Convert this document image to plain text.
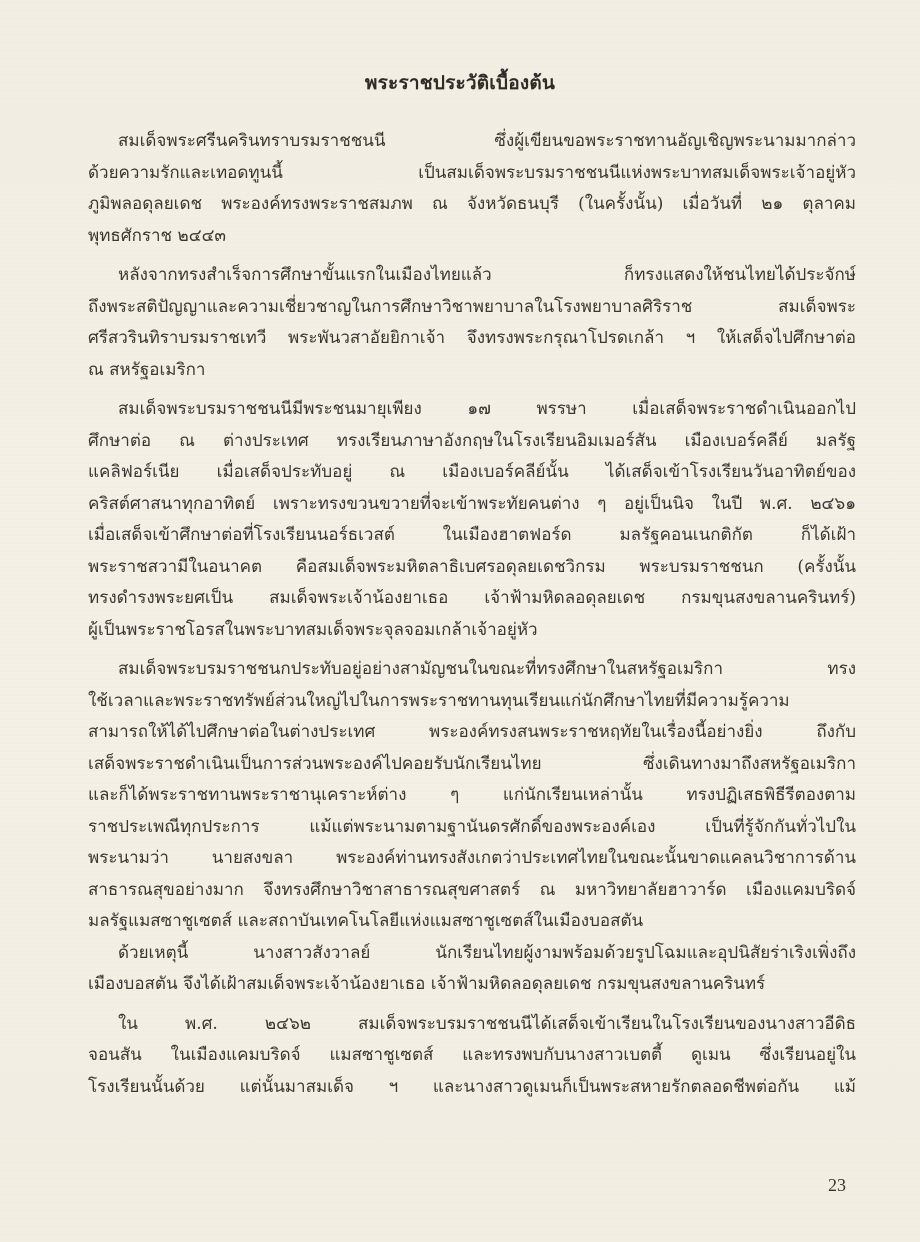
พระราชประวัติเบื้องต้น
สมเด็จพระศรีนครินทราบรมราชชนนี ซึ่งผู้เขียนขอพระราชทานอัญเชิญพระนามมากล่าว
ด้วยความรักและเทอดทูนนี้ เป็นสมเด็จพระบรมราชชนนีแห่งพระบาทสมเด็จพระเจ้าอยู่หัว
ภูมิพลอดุลยเดช พระองค์ทรงพระราชสมภพ ณ จังหวัดธนบุรี (ในครั้งนั้น) เมื่อวันที่ ๒๑ ตุลาคม
พุทธศักราช ๒๔๔๓
หลังจากทรงสำเร็จการศึกษาขั้นแรกในเมืองไทยแล้ว ก็ทรงแสดงให้ชนไทยได้ประจักษ์
ถึงพระสติปัญญาและความเชี่ยวชาญในการศึกษาวิชาพยาบาลในโรงพยาบาลศิริราช สมเด็จพระ
ศรีสวรินทิราบรมราชเทวี พระพันวสาอัยยิกาเจ้า จึงทรงพระกรุณาโปรดเกล้า ฯ ให้เสด็จไปศึกษาต่อ
ณ สหรัฐอเมริกา
สมเด็จพระบรมราชชนนีมีพระชนมายุเพียง ๑๗ พรรษา เมื่อเสด็จพระราชดำเนินออกไป
ศึกษาต่อ ณ ต่างประเทศ ทรงเรียนภาษาอังกฤษในโรงเรียนอิมเมอร์สัน เมืองเบอร์คลีย์ มลรัฐ
แคลิฟอร์เนีย เมื่อเสด็จประทับอยู่ ณ เมืองเบอร์คลีย์นั้น ได้เสด็จเข้าโรงเรียนวันอาทิตย์ของ
คริสต์ศาสนาทุกอาทิตย์ เพราะทรงขวนขวายที่จะเข้าพระทัยคนต่าง ๆ อยู่เป็นนิจ ในปี พ.ศ. ๒๔๖๑
เมื่อเสด็จเข้าศึกษาต่อที่โรงเรียนนอร์ธเวสต์ ในเมืองฮาตฟอร์ด มลรัฐคอนเนกติกัต ก็ได้เฝ้า
พระราชสวามีในอนาคต คือสมเด็จพระมหิตลาธิเบศรอดุลยเดชวิกรม พระบรมราชชนก (ครั้งนั้น
ทรงดำรงพระยศเป็น สมเด็จพระเจ้าน้องยาเธอ เจ้าฟ้ามหิดลอดุลยเดช กรมขุนสงขลานครินทร์)
ผู้เป็นพระราชโอรสในพระบาทสมเด็จพระจุลจอมเกล้าเจ้าอยู่หัว
สมเด็จพระบรมราชชนกประทับอยู่อย่างสามัญชนในขณะที่ทรงศึกษาในสหรัฐอเมริกา ทรง
ใช้เวลาและพระราชทรัพย์ส่วนใหญ่ไปในการพระราชทานทุนเรียนแก่นักศึกษาไทยที่มีความรู้ความ
สามารถให้ได้ไปศึกษาต่อในต่างประเทศ พระองค์ทรงสนพระราชหฤทัยในเรื่องนี้อย่างยิ่ง ถึงกับ
เสด็จพระราชดำเนินเป็นการส่วนพระองค์ไปคอยรับนักเรียนไทย ซึ่งเดินทางมาถึงสหรัฐอเมริกา
และก็ได้พระราชทานพระราชานุเคราะห์ต่าง ๆ แก่นักเรียนเหล่านั้น ทรงปฏิเสธพิธีรีตองตาม
ราชประเพณีทุกประการ แม้แต่พระนามตามฐานันดรศักดิ์ของพระองค์เอง เป็นที่รู้จักกันทั่วไปใน
พระนามว่า นายสงขลา พระองค์ท่านทรงสังเกตว่าประเทศไทยในขณะนั้นขาดแคลนวิชาการด้าน
สาธารณสุขอย่างมาก จึงทรงศึกษาวิชาสาธารณสุขศาสตร์ ณ มหาวิทยาลัยฮาวาร์ด เมืองแคมบริดจ์
มลรัฐแมสซาชูเซตส์ และสถาบันเทคโนโลยีแห่งแมสซาชูเซตส์ในเมืองบอสตัน
ด้วยเหตุนี้ นางสาวสังวาลย์ นักเรียนไทยผู้งามพร้อมด้วยรูปโฉมและอุปนิสัยร่าเริงเพิ่งถึง
เมืองบอสตัน จึงได้เฝ้าสมเด็จพระเจ้าน้องยาเธอ เจ้าฟ้ามหิดลอดุลยเดช กรมขุนสงขลานครินทร์
ใน พ.ศ. ๒๔๖๒ สมเด็จพระบรมราชชนนีได้เสด็จเข้าเรียนในโรงเรียนของนางสาวอีดิธ
จอนสัน ในเมืองแคมบริดจ์ แมสซาชูเซตส์ และทรงพบกับนางสาวเบตตี้ ดูเมน ซึ่งเรียนอยู่ใน
โรงเรียนนั้นด้วย แต่นั้นมาสมเด็จ ฯ และนางสาวดูเมนก็เป็นพระสหายรักตลอดชีพต่อกัน แม้
23
